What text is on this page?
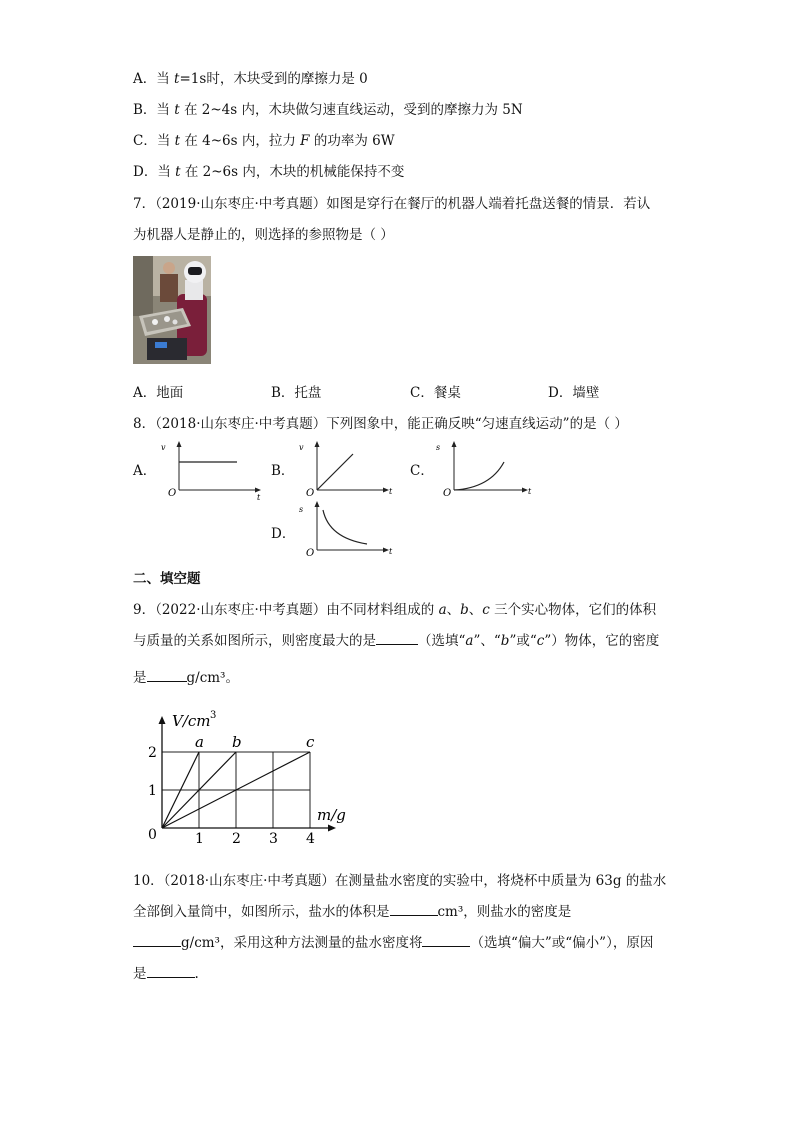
A．当 t=1s时，木块受到的摩擦力是 0
B．当 t 在 2~4s 内，木块做匀速直线运动，受到的摩擦力为 5N
C．当 t 在 4~6s 内，拉力 F 的功率为 6W
D．当 t 在 2~6s 内，木块的机械能保持不变
7．（2019·山东枣庄·中考真题）如图是穿行在餐厅的机器人端着托盘送餐的情景．若认
为机器人是静止的，则选择的参照物是（ ）
A．地面	B．托盘	C．餐桌	D．墙壁
8．（2018·山东枣庄·中考真题）下列图象中，能正确反映“匀速直线运动”的是（ ）
A．	B．	C．
D．
v
O	t
v
O	t
s
O	t
s
O	t
二、填空题
9．（2022·山东枣庄·中考真题）由不同材料组成的 a、b、c 三个实心物体，它们的体积
与质量的关系如图所示，则密度最大的是	（选填“a”、“b”或“c”）物体，它的密度
是	g/cm³。
a b	c
V/cm 3
m/g
1 2 3 4
0
1
2
10．（2018·山东枣庄·中考真题）在测量盐水密度的实验中，将烧杯中质量为 63g 的盐水
全部倒入量筒中，如图所示，盐水的体积是	cm³，则盐水的密度是
g/cm³，采用这种方法测量的盐水密度将	（选填“偏大”或“偏小”），原因
是	.
